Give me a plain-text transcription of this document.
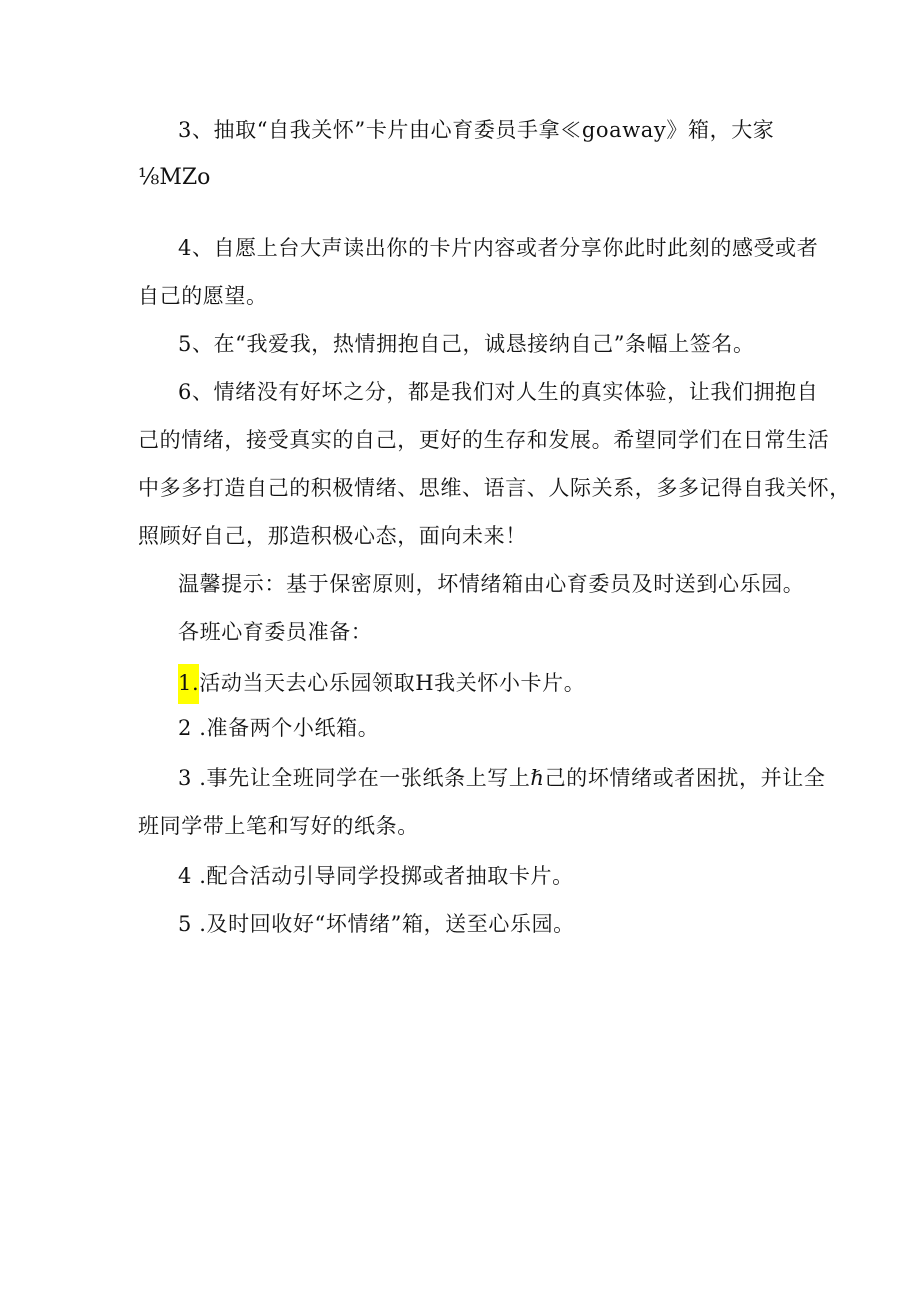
3、抽取“自我关怀”卡片由心育委员手拿≪goaway》箱，大家
⅛MZo
4、自愿上台大声读出你的卡片内容或者分享你此时此刻的感受或者
自己的愿望。
5、在“我爱我，热情拥抱自己，诚恳接纳自己”条幅上签名。
6、情绪没有好坏之分，都是我们对人生的真实体验，让我们拥抱自
己的情绪，接受真实的自己，更好的生存和发展。希望同学们在日常生活
中多多打造自己的积极情绪、思维、语言、人际关系，多多记得自我关怀，
照顾好自己，那造积极心态，面向未来！
温馨提示：基于保密原则，坏情绪箱由心育委员及时送到心乐园。
各班心育委员准备：
1.活动当天去心乐园领取H我关怀小卡片。
2 .准备两个小纸箱。
3 .事先让全班同学在一张纸条上写上ℏ己的坏情绪或者困扰，并让全
班同学带上笔和写好的纸条。
4 .配合活动引导同学投掷或者抽取卡片。
5 .及时回收好“坏情绪”箱，送至心乐园。
